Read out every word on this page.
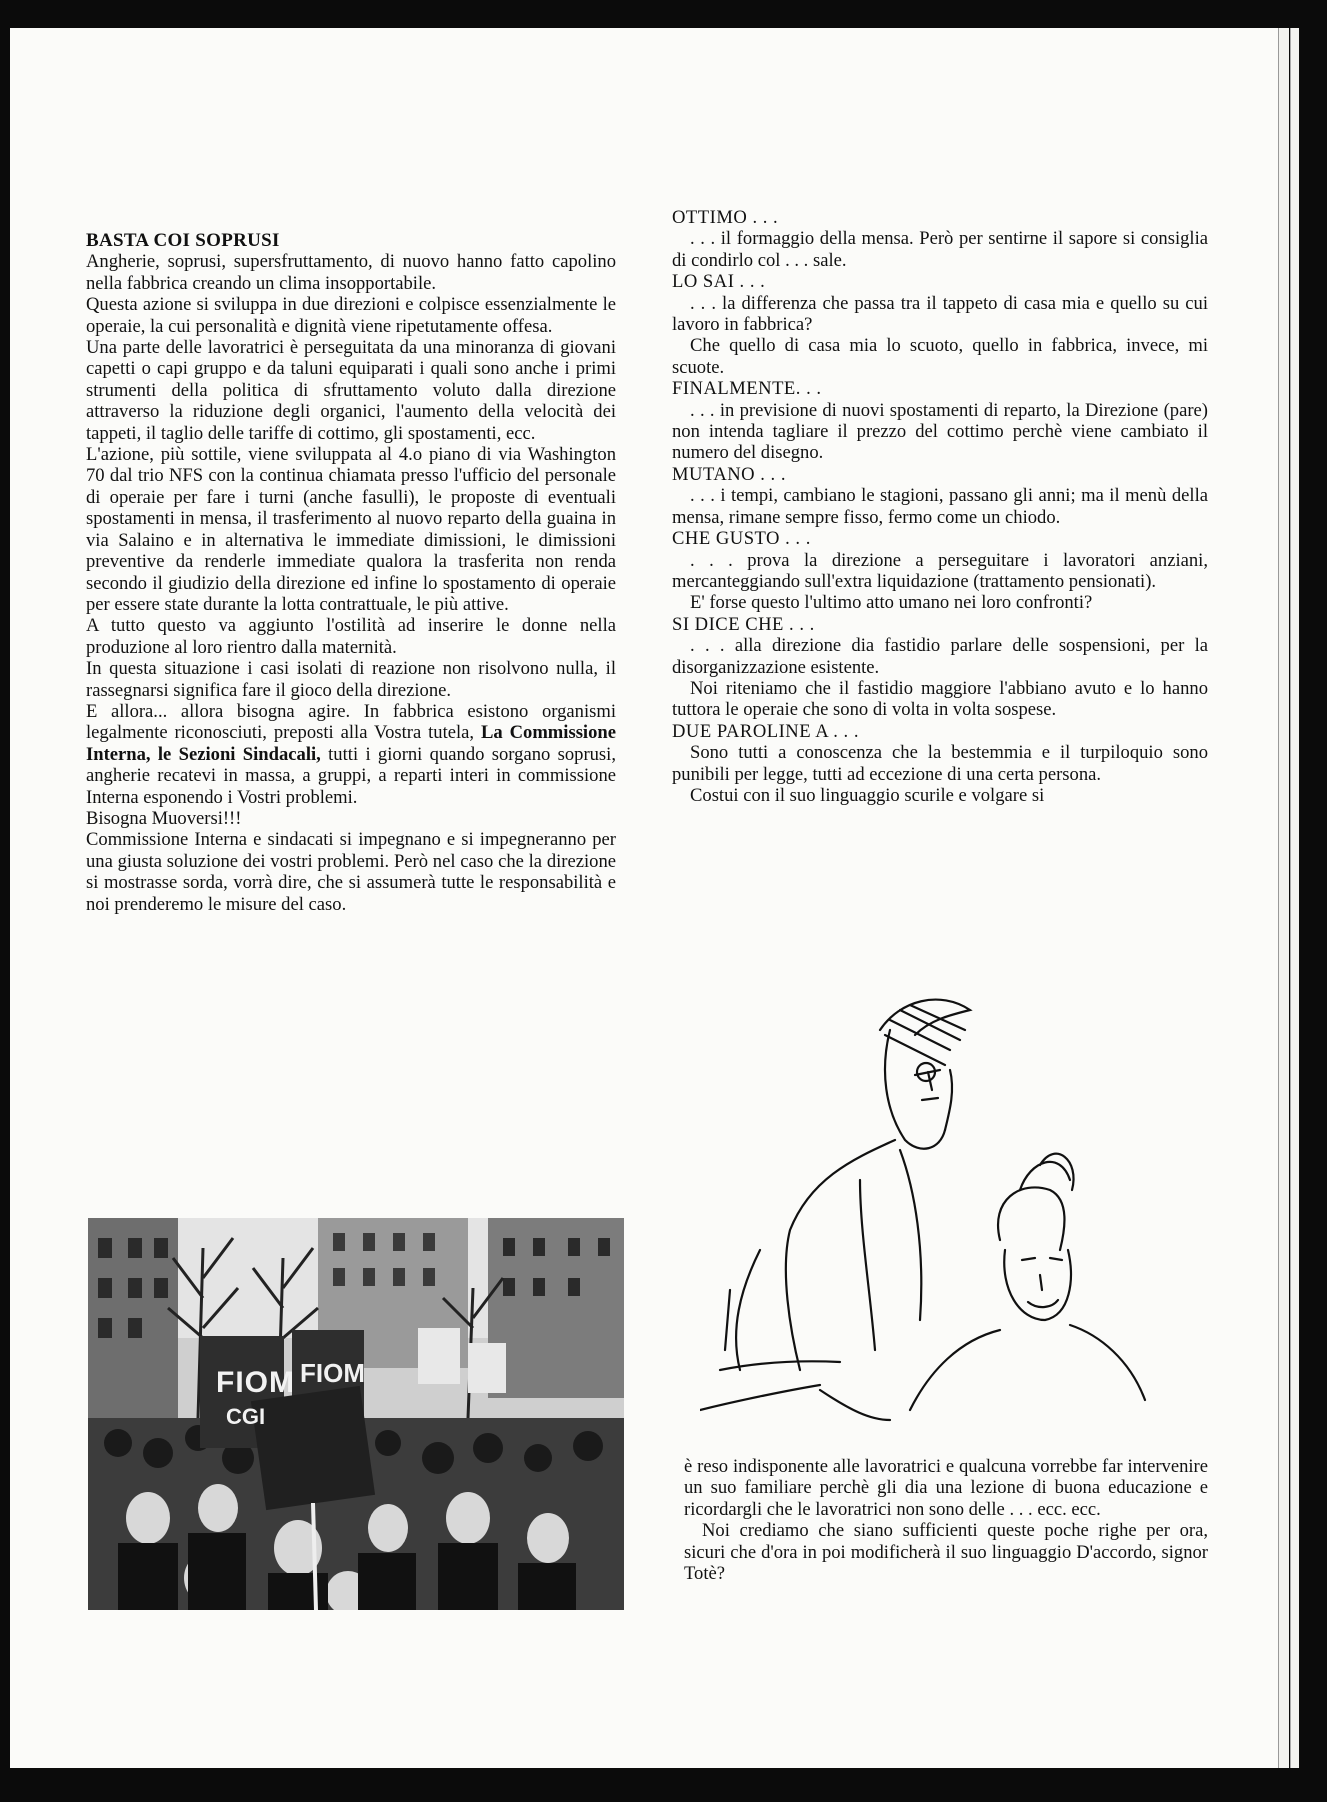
BASTA COI SOPRUSI

Angherie, soprusi, supersfruttamento, di nuovo hanno fatto capolino nella fabbrica creando un clima insopportabile.

Questa azione si sviluppa in due direzioni e colpisce essenzialmente le operaie, la cui personalità e dignità viene ripetutamente offesa.

Una parte delle lavoratrici è perseguitata da una minoranza di giovani capetti o capi gruppo e da taluni equiparati i quali sono anche i primi strumenti della politica di sfruttamento voluto dalla direzione attraverso la riduzione degli organici, l'aumento della velocità dei tappeti, il taglio delle tariffe di cottimo, gli spostamenti, ecc.

L'azione, più sottile, viene sviluppata al 4.o piano di via Washington 70 dal trio NFS con la continua chiamata presso l'ufficio del personale di operaie per fare i turni (anche fasulli), le proposte di eventuali spostamenti in mensa, il trasferimento al nuovo reparto della guaina in via Salaino e in alternativa le immediate dimissioni, le dimissioni preventive da renderle immediate qualora la trasferita non renda secondo il giudizio della direzione ed infine lo spostamento di operaie per essere state durante la lotta contrattuale, le più attive.

A tutto questo va aggiunto l'ostilità ad inserire le donne nella produzione al loro rientro dalla maternità.

In questa situazione i casi isolati di reazione non risolvono nulla, il rassegnarsi significa fare il gioco della direzione.

E allora... allora bisogna agire. In fabbrica esistono organismi legalmente riconosciuti, preposti alla Vostra tutela, La Commissione Interna, le Sezioni Sindacali, tutti i giorni quando sorgano soprusi, angherie recatevi in massa, a gruppi, a reparti interi in commissione Interna esponendo i Vostri problemi.

Bisogna Muoversi!!!

Commissione Interna e sindacati si impegnano e si impegneranno per una giusta soluzione dei vostri problemi. Però nel caso che la direzione si mostrasse sorda, vorrà dire, che si assumerà tutte le responsabilità e noi prenderemo le misure del caso.

FIOM
CGI
FIOM

OTTIMO . . .

. . . il formaggio della mensa. Però per sentirne il sapore si consiglia di condirlo col . . . sale.

LO SAI . . .

. . . la differenza che passa tra il tappeto di casa mia e quello su cui lavoro in fabbrica?

Che quello di casa mia lo scuoto, quello in fabbrica, invece, mi scuote.

FINALMENTE. . .

. . . in previsione di nuovi spostamenti di reparto, la Direzione (pare) non intenda tagliare il prezzo del cottimo perchè viene cambiato il numero del disegno.

MUTANO . . .

. . . i tempi, cambiano le stagioni, passano gli anni; ma il menù della mensa, rimane sempre fisso, fermo come un chiodo.

CHE GUSTO . . .

. . . prova la direzione a perseguitare i lavoratori anziani, mercanteggiando sull'extra liquidazione (trattamento pensionati).

E' forse questo l'ultimo atto umano nei loro confronti?

SI DICE CHE . . .

. . . alla direzione dia fastidio parlare delle sospensioni, per la disorganizzazione esistente.

Noi riteniamo che il fastidio maggiore l'abbiano avuto e lo hanno tuttora le operaie che sono di volta in volta sospese.

DUE PAROLINE A . . .

Sono tutti a conoscenza che la bestemmia e il turpiloquio sono punibili per legge, tutti ad eccezione di una certa persona.

Costui con il suo linguaggio scurile e volgare si

è reso indisponente alle lavoratrici e qualcuna vorrebbe far intervenire un suo familiare perchè gli dia una lezione di buona educazione e ricordargli che le lavoratrici non sono delle . . . ecc. ecc.

Noi crediamo che siano sufficienti queste poche righe per ora, sicuri che d'ora in poi modificherà il suo linguaggio D'accordo, signor Totè?
